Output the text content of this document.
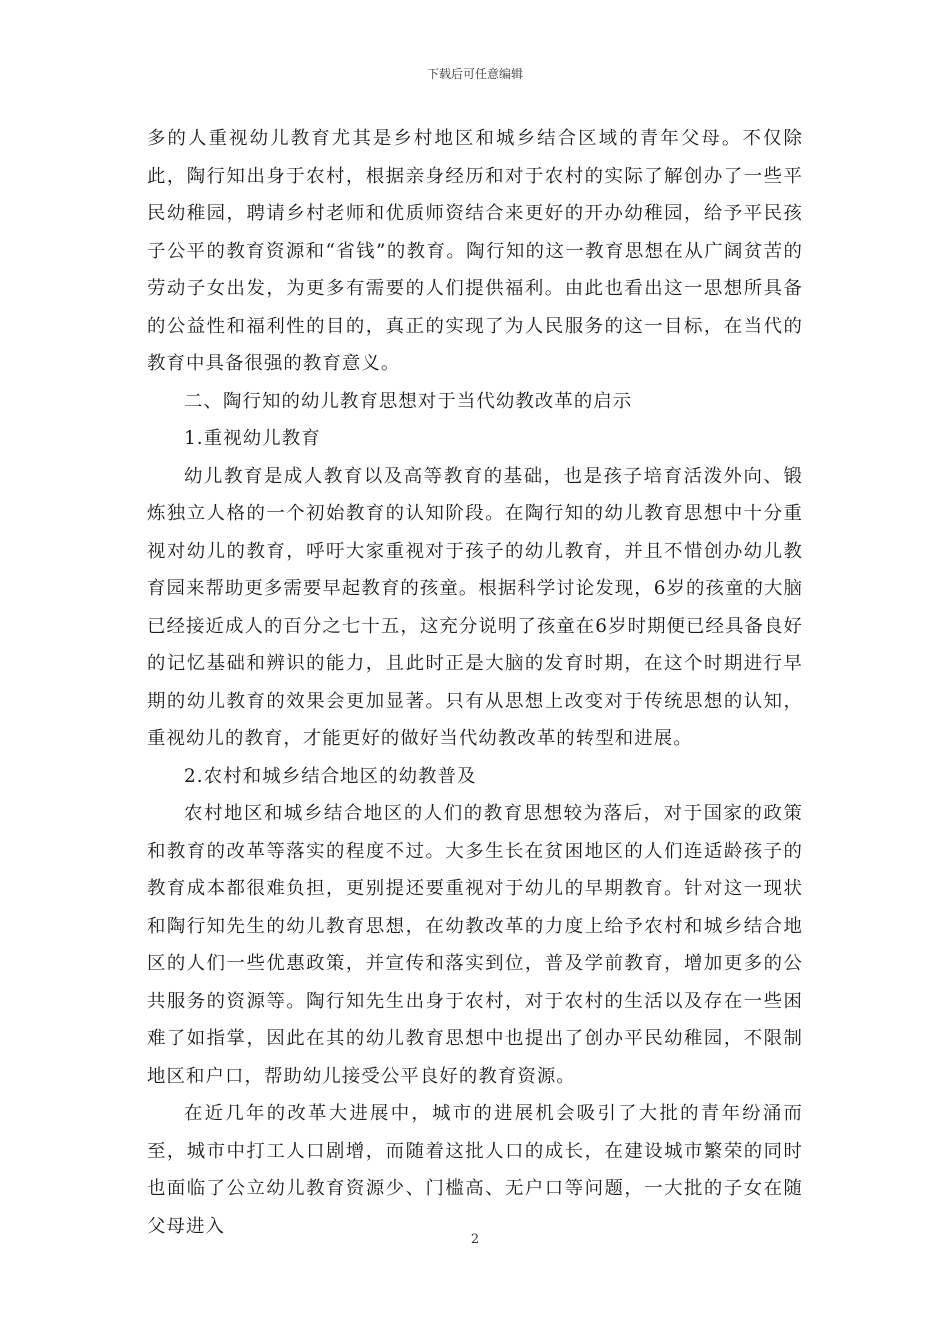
下载后可任意编辑

多的人重视幼儿教育尤其是乡村地区和城乡结合区域的青年父母。不仅除此，陶行知出身于农村，根据亲身经历和对于农村的实际了解创办了一些平民幼稚园，聘请乡村老师和优质师资结合来更好的开办幼稚园，给予平民孩子公平的教育资源和“省钱”的教育。陶行知的这一教育思想在从广阔贫苦的劳动子女出发，为更多有需要的人们提供福利。由此也看出这一思想所具备的公益性和福利性的目的，真正的实现了为人民服务的这一目标，在当代的教育中具备很强的教育意义。

二、陶行知的幼儿教育思想对于当代幼教改革的启示

1.重视幼儿教育

幼儿教育是成人教育以及高等教育的基础，也是孩子培育活泼外向、锻炼独立人格的一个初始教育的认知阶段。在陶行知的幼儿教育思想中十分重视对幼儿的教育，呼吁大家重视对于孩子的幼儿教育，并且不惜创办幼儿教育园来帮助更多需要早起教育的孩童。根据科学讨论发现，6岁的孩童的大脑已经接近成人的百分之七十五，这充分说明了孩童在6岁时期便已经具备良好的记忆基础和辨识的能力，且此时正是大脑的发育时期，在这个时期进行早期的幼儿教育的效果会更加显著。只有从思想上改变对于传统思想的认知，重视幼儿的教育，才能更好的做好当代幼教改革的转型和进展。

2.农村和城乡结合地区的幼教普及

农村地区和城乡结合地区的人们的教育思想较为落后，对于国家的政策和教育的改革等落实的程度不过。大多生长在贫困地区的人们连适龄孩子的教育成本都很难负担，更别提还要重视对于幼儿的早期教育。针对这一现状和陶行知先生的幼儿教育思想，在幼教改革的力度上给予农村和城乡结合地区的人们一些优惠政策，并宣传和落实到位，普及学前教育，增加更多的公共服务的资源等。陶行知先生出身于农村，对于农村的生活以及存在一些困难了如指掌，因此在其的幼儿教育思想中也提出了创办平民幼稚园，不限制地区和户口，帮助幼儿接受公平良好的教育资源。

在近几年的改革大进展中，城市的进展机会吸引了大批的青年纷涌而至，城市中打工人口剧增，而随着这批人口的成长，在建设城市繁荣的同时也面临了公立幼儿教育资源少、门槛高、无户口等问题，一大批的子女在随父母进入

2
